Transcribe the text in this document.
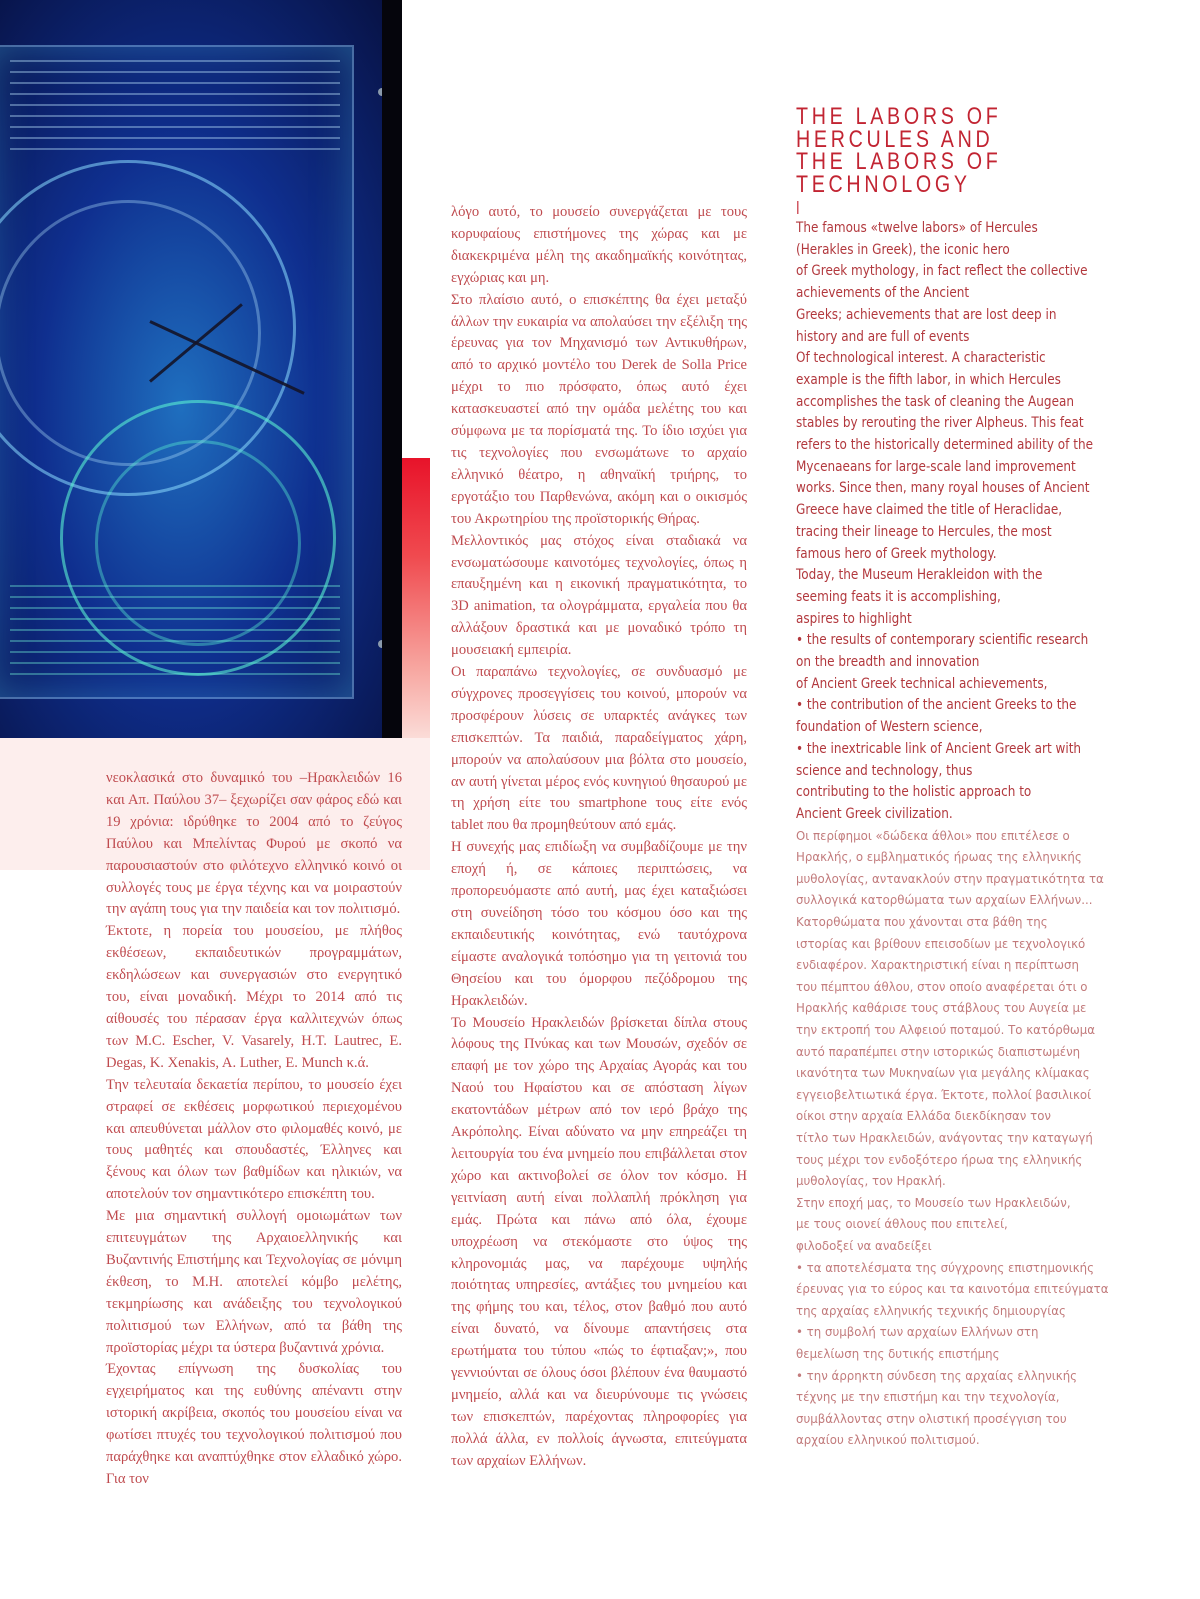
νεοκλασικά στο δυναμικό του –Ηρακλειδών 16 και Απ. Παύλου 37– ξεχωρίζει σαν φάρος εδώ και 19 χρόνια: ιδρύθηκε το 2004 από το ζεύγος Παύλου και Μπελίντας Φυρού με σκοπό να παρουσιαστούν στο φιλότεχνο ελληνικό κοινό οι συλλογές τους με έργα τέχνης και να μοιραστούν την αγάπη τους για την παιδεία και τον πολιτισμό.

Έκτοτε, η πορεία του μουσείου, με πλήθος εκθέσεων, εκπαιδευτικών προγραμμάτων, εκδηλώσεων και συνεργασιών στο ενεργητικό του, είναι μοναδική. Μέχρι το 2014 από τις αίθουσές του πέρασαν έργα καλλιτεχνών όπως των M.C. Escher, V. Vasarely, H.T. Lautrec, E. Degas, K. Xenakis, A. Luther, E. Munch κ.ά.

Την τελευταία δεκαετία περίπου, το μουσείο έχει στραφεί σε εκθέσεις μορφωτικού περιεχομένου και απευθύνεται μάλλον στο φιλομαθές κοινό, με τους μαθητές και σπουδαστές, Έλληνες και ξένους και όλων των βαθμίδων και ηλικιών, να αποτελούν τον σημαντικότερο επισκέπτη του.

Με μια σημαντική συλλογή ομοιωμάτων των επιτευγμάτων της Αρχαιοελληνικής και Βυζαντινής Επιστήμης και Τεχνολογίας σε μόνιμη έκθεση, το Μ.Η. αποτελεί κόμβο μελέτης, τεκμηρίωσης και ανάδειξης του τεχνολογικού πολιτισμού των Ελλήνων, από τα βάθη της προϊστορίας μέχρι τα ύστερα βυζαντινά χρόνια.

Έχοντας επίγνωση της δυσκολίας του εγχειρήματος και της ευθύνης απέναντι στην ιστορική ακρίβεια, σκοπός του μουσείου είναι να φωτίσει πτυχές του τεχνολογικού πολιτισμού που παράχθηκε και αναπτύχθηκε στον ελλαδικό χώρο. Για τον

λόγο αυτό, το μουσείο συνεργάζεται με τους κορυφαίους επιστήμονες της χώρας και με διακεκριμένα μέλη της ακαδημαϊκής κοινότητας, εγχώριας και μη.

Στο πλαίσιο αυτό, ο επισκέπτης θα έχει μεταξύ άλλων την ευκαιρία να απολαύσει την εξέλιξη της έρευνας για τον Μηχανισμό των Αντικυθήρων, από το αρχικό μοντέλο του Derek de Solla Price μέχρι το πιο πρόσφατο, όπως αυτό έχει κατασκευαστεί από την ομάδα μελέτης του και σύμφωνα με τα πορίσματά της. Το ίδιο ισχύει για τις τεχνολογίες που ενσωμάτωνε το αρχαίο ελληνικό θέατρο, η αθηναϊκή τριήρης, το εργοτάξιο του Παρθενώνα, ακόμη και ο οικισμός του Ακρωτηρίου της προϊστορικής Θήρας.

Μελλοντικός μας στόχος είναι σταδιακά να ενσωματώσουμε καινοτόμες τεχνολογίες, όπως η επαυξημένη και η εικονική πραγματικότητα, το 3D animation, τα ολογράμματα, εργαλεία που θα αλλάξουν δραστικά και με μοναδικό τρόπο τη μουσειακή εμπειρία.

Οι παραπάνω τεχνολογίες, σε συνδυασμό με σύγχρονες προσεγγίσεις του κοινού, μπορούν να προσφέρουν λύσεις σε υπαρκτές ανάγκες των επισκεπτών. Τα παιδιά, παραδείγματος χάρη, μπορούν να απολαύσουν μια βόλτα στο μουσείο, αν αυτή γίνεται μέρος ενός κυνηγιού θησαυρού με τη χρήση είτε του smartphone τους είτε ενός tablet που θα προμηθεύτουν από εμάς.

Η συνεχής μας επιδίωξη να συμβαδίζουμε με την εποχή ή, σε κάποιες περιπτώσεις, να προπορευόμαστε από αυτή, μας έχει καταξιώσει στη συνείδηση τόσο του κόσμου όσο και της εκπαιδευτικής κοινότητας, ενώ ταυτόχρονα είμαστε αναλογικά τοπόσημο για τη γειτονιά του Θησείου και του όμορφου πεζόδρομου της Ηρακλειδών.

Το Μουσείο Ηρακλειδών βρίσκεται δίπλα στους λόφους της Πνύκας και των Μουσών, σχεδόν σε επαφή με τον χώρο της Αρχαίας Αγοράς και του Ναού του Ηφαίστου και σε απόσταση λίγων εκατοντάδων μέτρων από τον ιερό βράχο της Ακρόπολης. Είναι αδύνατο να μην επηρεάζει τη λειτουργία του ένα μνημείο που επιβάλλεται στον χώρο και ακτινοβολεί σε όλον τον κόσμο. Η γειτνίαση αυτή είναι πολλαπλή πρόκληση για εμάς. Πρώτα και πάνω από όλα, έχουμε υποχρέωση να στεκόμαστε στο ύψος της κληρονομιάς μας, να παρέχουμε υψηλής ποιότητας υπηρεσίες, αντάξιες του μνημείου και της φήμης του και, τέλος, στον βαθμό που αυτό είναι δυνατό, να δίνουμε απαντήσεις στα ερωτήματα του τύπου «πώς το έφτιαξαν;», που γεννιούνται σε όλους όσοι βλέπουν ένα θαυμαστό μνημείο, αλλά και να διευρύνουμε τις γνώσεις των επισκεπτών, παρέχοντας πληροφορίες για πολλά άλλα, εν πολλοίς άγνωστα, επιτεύγματα των αρχαίων Ελλήνων.

THE LABORS OF
HERCULES AND
THE LABORS OF
TECHNOLOGY
|

The famous «twelve labors» of Hercules

(Herakles in Greek), the iconic hero

of Greek mythology, in fact reflect the collective

achievements of the Ancient

Greeks; achievements that are lost deep in

history and are full of events

Of technological interest. A characteristic

example is the fifth labor, in which Hercules

accomplishes the task of cleaning the Augean

stables by rerouting the river Alpheus. This feat

refers to the historically determined ability of the

Mycenaeans for large-scale land improvement

works. Since then, many royal houses of Ancient

Greece have claimed the title of Heraclidae,

tracing their lineage to Hercules, the most

famous hero of Greek mythology.

Today, the Museum Herakleidon with the

seeming feats it is accomplishing,

aspires to highlight

• the results of contemporary scientific research

on the breadth and innovation

of Ancient Greek technical achievements,

• the contribution of the ancient Greeks to the

foundation of Western science,

• the inextricable link of Ancient Greek art with

science and technology, thus

contributing to the holistic approach to

Ancient Greek civilization.

Οι περίφημοι «δώδεκα άθλοι» που επιτέλεσε ο

Ηρακλής, ο εμβληματικός ήρωας της ελληνικής

μυθολογίας, αντανακλούν στην πραγματικότητα τα

συλλογικά κατορθώματα των αρχαίων Ελλήνων...

Κατορθώματα που χάνονται στα βάθη της

ιστορίας και βρίθουν επεισοδίων με τεχνολογικό

ενδιαφέρον. Χαρακτηριστική είναι η περίπτωση

του πέμπτου άθλου, στον οποίο αναφέρεται ότι ο

Ηρακλής καθάρισε τους στάβλους του Αυγεία με

την εκτροπή του Αλφειού ποταμού. Το κατόρθωμα

αυτό παραπέμπει στην ιστορικώς διαπιστωμένη

ικανότητα των Μυκηναίων για μεγάλης κλίμακας

εγγειοβελτιωτικά έργα. Έκτοτε, πολλοί βασιλικοί

οίκοι στην αρχαία Ελλάδα διεκδίκησαν τον

τίτλο των Ηρακλειδών, ανάγοντας την καταγωγή

τους μέχρι τον ενδοξότερο ήρωα της ελληνικής

μυθολογίας, τον Ηρακλή.

Στην εποχή μας, το Μουσείο των Ηρακλειδών,

με τους οιονεί άθλους που επιτελεί,

φιλοδοξεί να αναδείξει

• τα αποτελέσματα της σύγχρονης επιστημονικής

έρευνας για το εύρος και τα καινοτόμα επιτεύγματα

της αρχαίας ελληνικής τεχνικής δημιουργίας

• τη συμβολή των αρχαίων Ελλήνων στη

θεμελίωση της δυτικής επιστήμης

• την άρρηκτη σύνδεση της αρχαίας ελληνικής

τέχνης με την επιστήμη και την τεχνολογία,

συμβάλλοντας στην ολιστική προσέγγιση του

αρχαίου ελληνικού πολιτισμού.
